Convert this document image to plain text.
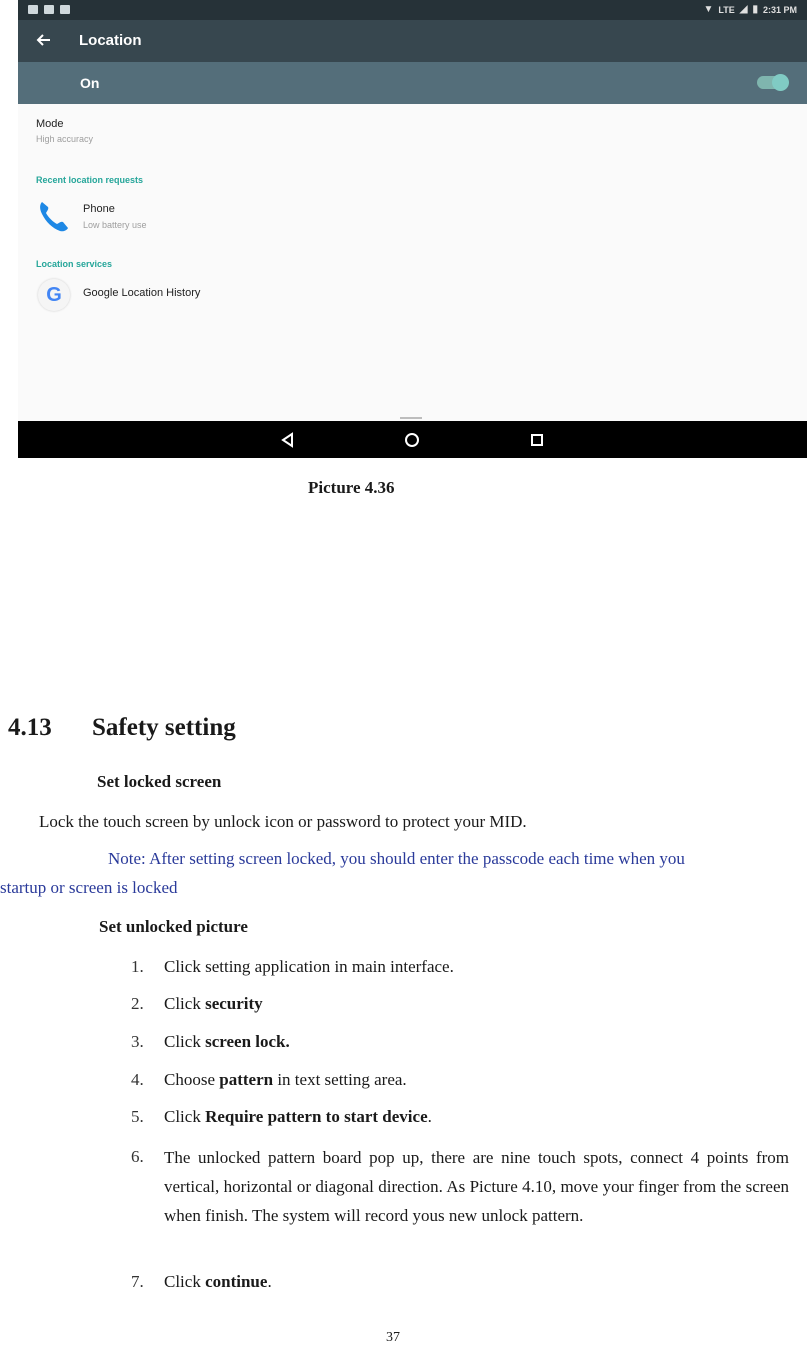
▼ LTE ◢ ▮ 2:31 PM
Location
On
Mode
High accuracy
Recent location requests
Phone
Low battery use
Location services
G	Google Location History
Picture 4.36
4.13 Safety setting
Set locked screen
Lock the touch screen by unlock icon or password to protect your MID.
Note: After setting screen locked, you should enter the passcode each time when you
startup or screen is locked
Set unlocked picture
1. Click setting application in main interface.
2. Click security
3. Click screen lock.
4. Choose pattern in text setting area.
5. Click Require pattern to start device.
6. The unlocked pattern board pop up, there are nine touch spots, connect 4 points from vertical, horizontal or diagonal direction. As Picture 4.10, move your finger from the screen when finish. The system will record yous new unlock pattern.
7. Click continue.
37
